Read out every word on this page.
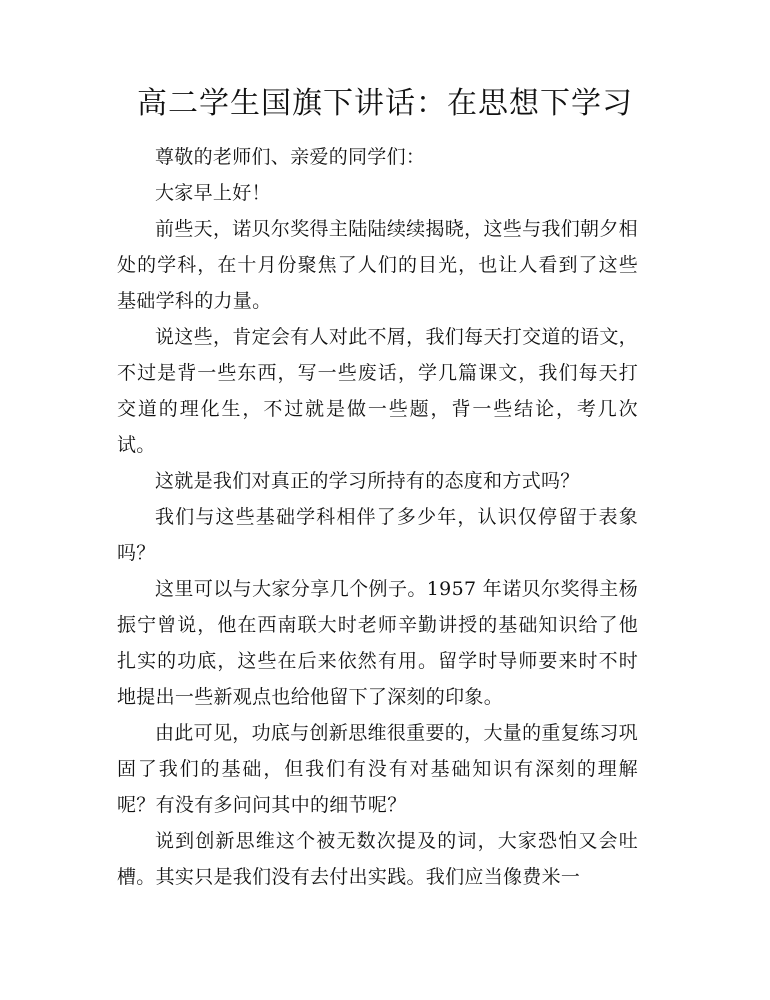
高二学生国旗下讲话：在思想下学习

尊敬的老师们、亲爱的同学们：

大家早上好！

前些天，诺贝尔奖得主陆陆续续揭晓，这些与我们朝夕相处的学科，在十月份聚焦了人们的目光，也让人看到了这些基础学科的力量。

说这些，肯定会有人对此不屑，我们每天打交道的语文，不过是背一些东西，写一些废话，学几篇课文，我们每天打交道的理化生，不过就是做一些题，背一些结论，考几次试。

这就是我们对真正的学习所持有的态度和方式吗？

我们与这些基础学科相伴了多少年，认识仅停留于表象吗？

这里可以与大家分享几个例子。1957 年诺贝尔奖得主杨振宁曾说，他在西南联大时老师辛勤讲授的基础知识给了他扎实的功底，这些在后来依然有用。留学时导师要来时不时地提出一些新观点也给他留下了深刻的印象。

由此可见，功底与创新思维很重要的，大量的重复练习巩固了我们的基础，但我们有没有对基础知识有深刻的理解呢？有没有多问问其中的细节呢？

说到创新思维这个被无数次提及的词，大家恐怕又会吐槽。其实只是我们没有去付出实践。我们应当像费米一
